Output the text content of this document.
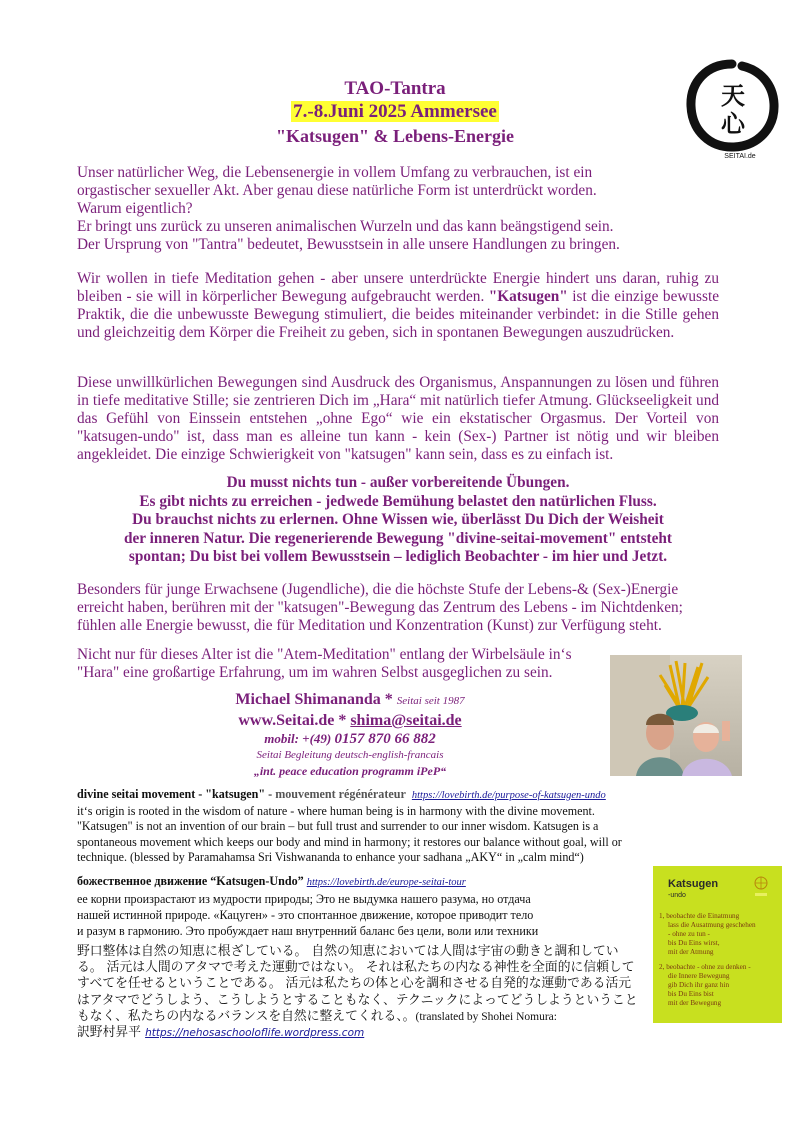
TAO-Tantra
7.-8.Juni 2025 Ammersee
"Katsugen" & Lebens-Energie
天
心
SEITAI.de
Unser natürlicher Weg, die Lebensenergie in vollem Umfang zu verbrauchen, ist ein
orgastischer sexueller Akt. Aber genau diese natürliche Form ist unterdrückt worden.
Warum eigentlich?
Er bringt uns zurück zu unseren animalischen Wurzeln und das kann beängstigend sein.
Der Ursprung von "Tantra" bedeutet, Bewusstsein in alle unsere Handlungen zu bringen.
Wir wollen in tiefe Meditation gehen - aber unsere unterdrückte Energie hindert uns daran, ruhig zu bleiben - sie will in körperlicher Bewegung aufgebraucht werden. "Katsugen" ist die einzige bewusste Praktik, die die unbewusste Bewegung stimuliert, die beides miteinander verbindet: in die Stille gehen und gleichzeitig dem Körper die Freiheit zu geben, sich in spontanen Bewegungen auszudrücken.
Diese unwillkürlichen Bewegungen sind Ausdruck des Organismus, Anspannungen zu lösen und führen in tiefe meditative Stille; sie zentrieren Dich im „Hara“ mit natürlich tiefer Atmung. Glückseeligkeit und das Gefühl von Einssein entstehen „ohne Ego“ wie ein ekstatischer Orgasmus. Der Vorteil von "katsugen-undo" ist, dass man es alleine tun kann - kein (Sex-) Partner ist nötig und wir bleiben angekleidet. Die einzige Schwierigkeit von "katsugen" kann sein, dass es zu einfach ist.
Du musst nichts tun - außer vorbereitende Übungen.
Es gibt nichts zu erreichen - jedwede Bemühung belastet den natürlichen Fluss.
Du brauchst nichts zu erlernen. Ohne Wissen wie, überlässt Du Dich der Weisheit
der inneren Natur. Die regenerierende Bewegung "divine-seitai-movement" entsteht
spontan; Du bist bei vollem Bewusstsein – lediglich Beobachter - im hier und Jetzt.
Besonders für junge Erwachsene (Jugendliche), die die höchste Stufe der Lebens-& (Sex-)Energie
erreicht haben, berühren mit der "katsugen"-Bewegung das Zentrum des Lebens - im Nichtdenken;
fühlen alle Energie bewusst, die für Meditation und Konzentration (Kunst) zur Verfügung steht.
Nicht nur für dieses Alter ist die "Atem-Meditation" entlang der Wirbelsäule in‘s
"Hara" eine großartige Erfahrung, um im wahren Selbst ausgeglichen zu sein.
Michael Shimananda * Seitai seit 1987
www.Seitai.de * shima@seitai.de
mobil: +(49) 0157 870 66 882
Seitai Begleitung deutsch-english-francais
„int. peace education programm iPeP“
divine seitai movement - "katsugen" - mouvement régénérateur https://lovebirth.de/purpose-of-katsugen-undo
it‘s origin is rooted in the wisdom of nature - where human being is in harmony with the divine movement. "Katsugen" is not an invention of our brain – but full trust and surrender to our inner wisdom. Katsugen is a spontaneous movement which keeps our body and mind in harmony; it restores our balance without goal, will or technique. (blessed by Paramahamsa Sri Vishwananda to enhance your sadhana „AKY“ in „calm mind“)
божественное движение “Katsugen-Undo” https://lovebirth.de/europe-seitai-tour
ее корни произрастают из мудрости природы; Это не выдумка нашего разума, но отдача
нашей истинной природе. «Кацуген» - это спонтанное движение, которое приводит тело
и разум в гармонию. Это пробуждает наш внутренний баланс без цели, воли или техники
野口整体は自然の知恵に根ざしている。 自然の知恵においては人間は宇宙の動きと調和している。 活元は人間のアタマで考えた運動ではない。 それは私たちの内なる神性を全面的に信頼してすべてを任せるということである。 活元は私たちの体と心を調和させる自発的な運動である活元はアタマでどうしよう、こうしようとすることもなく、テクニックによってどうしようということもなく、私たちの内なるバランスを自然に整えてくれる、。(translated by Shohei Nomura:
訳野村昇平 https://nehosaschooloflife.wordpress.com
Katsugen
-undo
1, beobachte die Einatmung
lass die Ausatmung geschehen
- ohne zu tun -
bis Du Eins wirst,
mit der Atmung
2, beobachte - ohne zu denken -
die Innere Bewegung
gib Dich ihr ganz hin
bis Du Eins bist
mit der Bewegung
